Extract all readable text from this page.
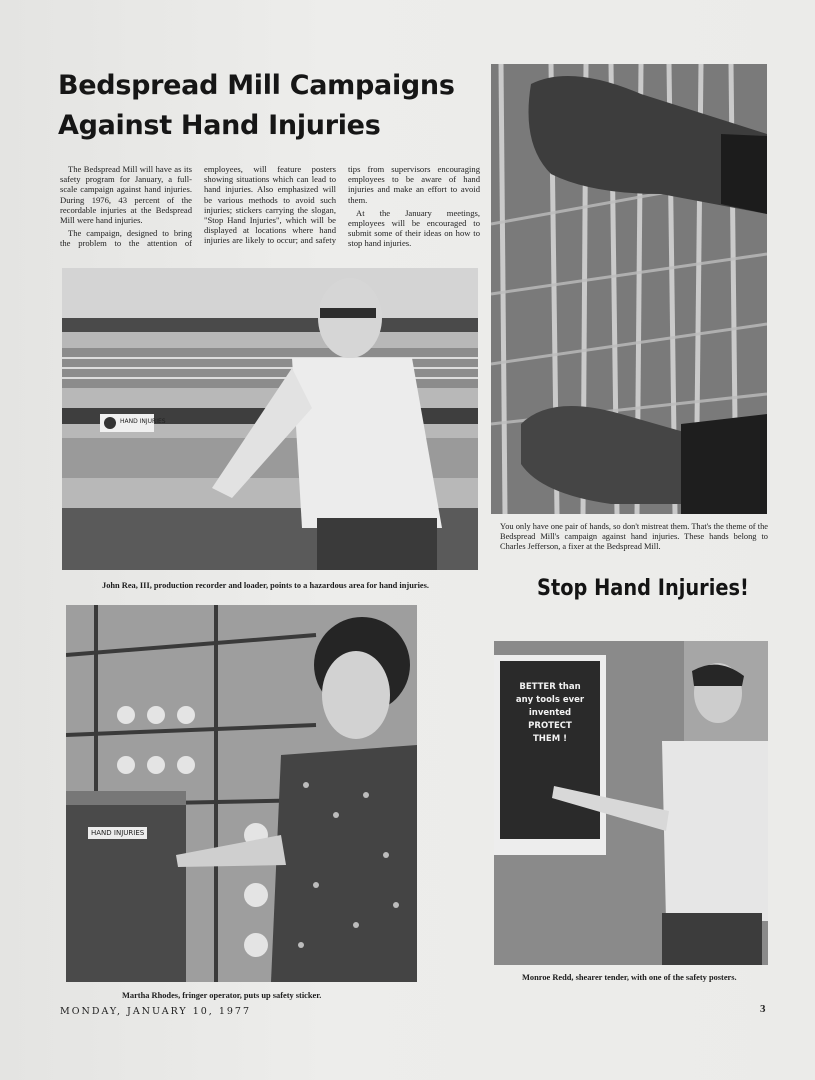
Bedspread Mill Campaigns
Against Hand Injuries

The Bedspread Mill will have as its safety program for January, a full-scale campaign against hand injuries. During 1976, 43 percent of the recordable injuries at the Bedspread Mill were hand injuries.

The campaign, designed to bring the problem to the attention of employees, will feature posters showing situations which can lead to hand injuries. Also emphasized will be various methods to avoid such injuries; stickers carrying the slogan, "Stop Hand Injuries", which will be displayed at locations where hand injuries are likely to occur; and safety tips from supervisors encouraging employees to be aware of hand injuries and make an effort to avoid them.

At the January meetings, employees will be encouraged to submit some of their ideas on how to stop hand injuries.

You only have one pair of hands, so don't mistreat them. That's the theme of the Bedspread Mill's campaign against hand injuries. These hands belong to Charles Jefferson, a fixer at the Bedspread Mill.
HAND INJURIES
John Rea, III, production recorder and loader, points to a hazardous area for hand injuries.	Stop Hand Injuries!
HAND INJURIES
Martha Rhodes, fringer operator, puts up safety sticker.
BETTER than
any tools ever
invented
PROTECT
THEM !
Monroe Redd, shearer tender, with one of the safety posters.
MONDAY, JANUARY 10, 1977	3
